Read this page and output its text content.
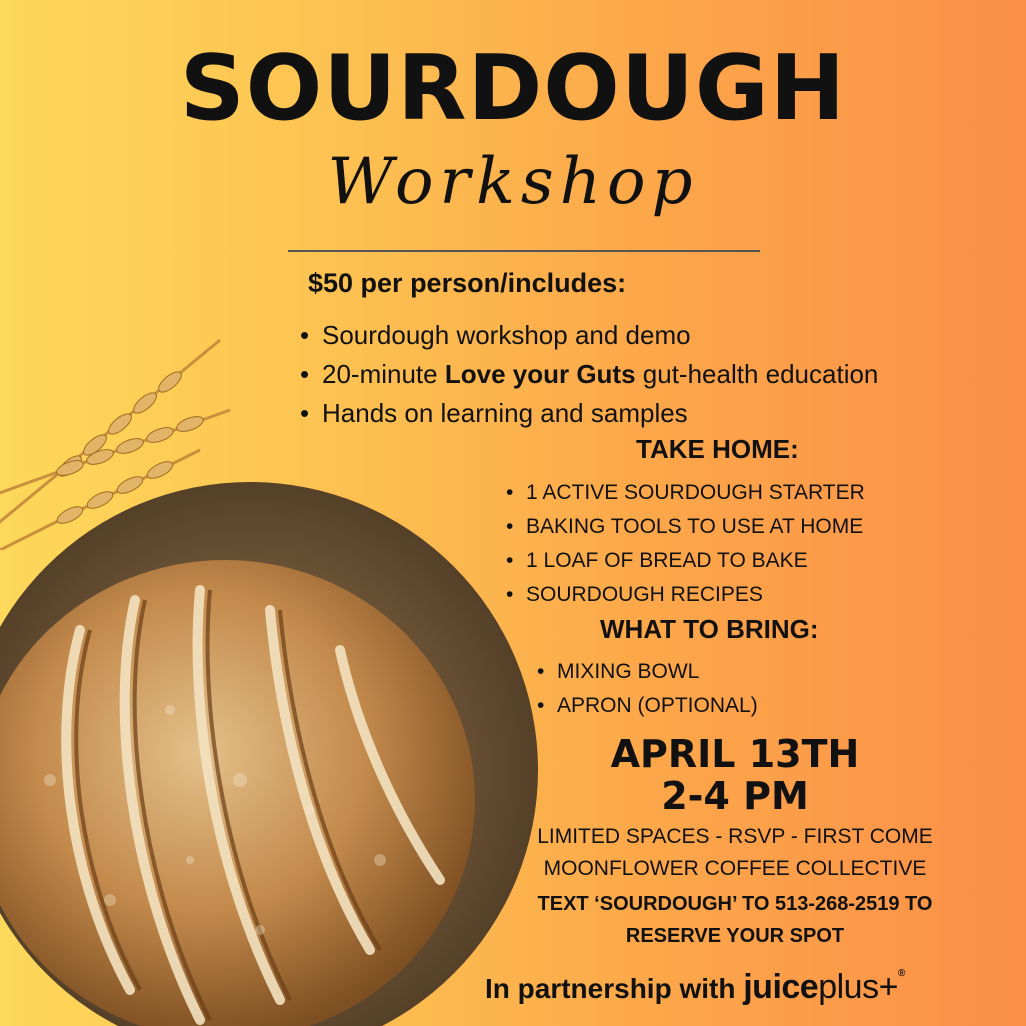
SOURDOUGH
Workshop
$50 per person/includes:
• Sourdough workshop and demo
• 20-minute Love your Guts gut-health education
• Hands on learning and samples
TAKE HOME:
• 1 ACTIVE SOURDOUGH STARTER
• BAKING TOOLS TO USE AT HOME
• 1 LOAF OF BREAD TO BAKE
• SOURDOUGH RECIPES
WHAT TO BRING:
• MIXING BOWL
• APRON (OPTIONAL)
APRIL 13TH
2-4 PM
LIMITED SPACES - RSVP - FIRST COME
MOONFLOWER COFFEE COLLECTIVE
TEXT ‘SOURDOUGH’ TO 513-268-2519 TO
RESERVE YOUR SPOT
In partnership with juiceplus+®
